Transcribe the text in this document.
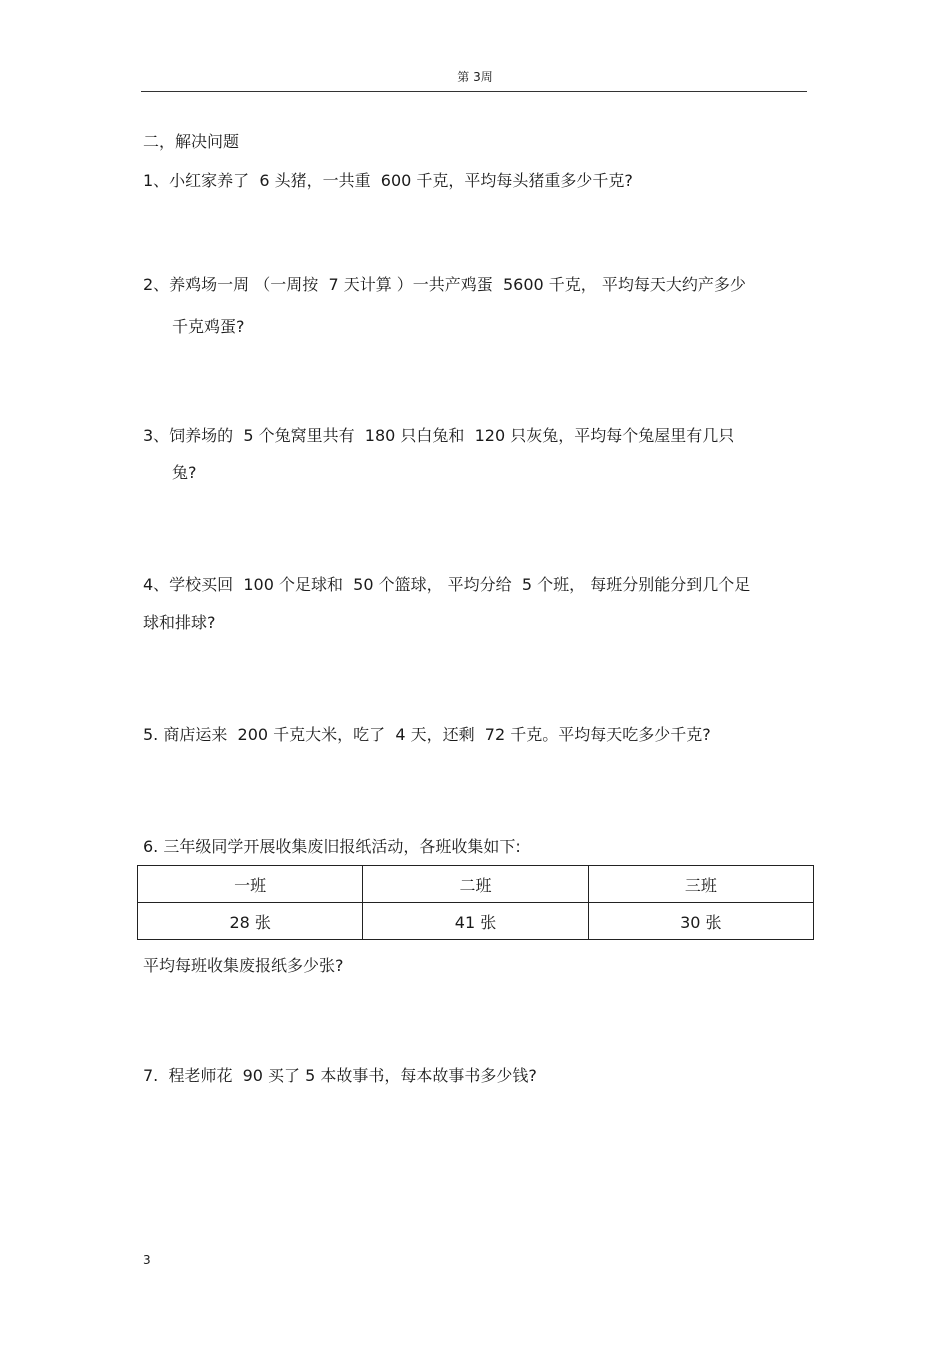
第 3周
二，解决问题
1、小红家养了  6 头猪，一共重  600 千克，平均每头猪重多少千克?
2、养鸡场一周 （一周按  7 天计算 ）一共产鸡蛋  5600 千克， 平均每天大约产多少
千克鸡蛋?
3、饲养场的  5 个兔窝里共有  180 只白兔和  120 只灰兔，平均每个兔屋里有几只
兔?
4、学校买回  100 个足球和  50 个篮球， 平均分给  5 个班， 每班分别能分到几个足
球和排球?
5. 商店运来  200 千克大米，吃了  4 天，还剩  72 千克。平均每天吃多少千克?
6. 三年级同学开展收集废旧报纸活动，各班收集如下:
一班	二班	三班
28 张	41 张	30 张
平均每班收集废报纸多少张?
7.  程老师花  90 买了 5 本故事书，每本故事书多少钱?
3
